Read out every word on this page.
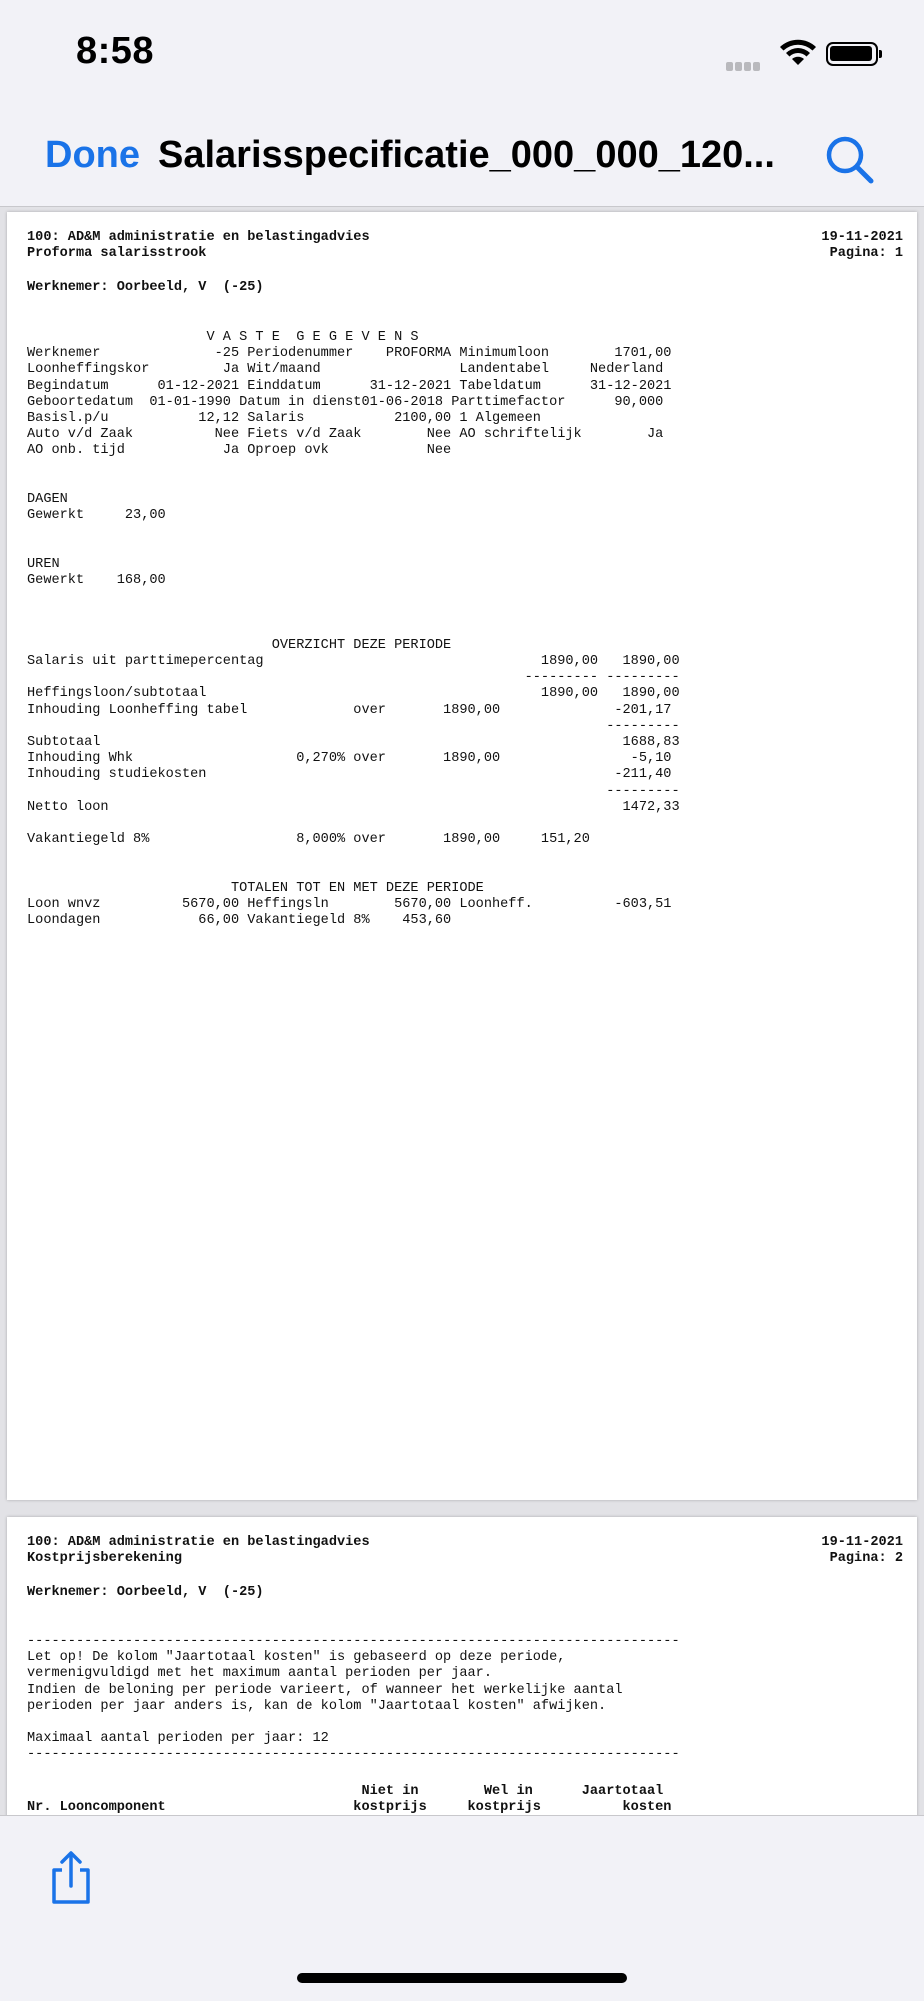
8:58
Done Salarisspecificatie_000_000_120...
100: AD&M administratie en belastingadvies
Proforma salarisstrook
19-11-2021
Pagina: 1
Werknemer: Oorbeeld, V  (-25)
V A S T E  G E G E V E N S
Werknemer              -25 Periodenummer    PROFORMA Minimumloon        1701,00
Loonheffingskor         Ja Wit/maand                 Landentabel     Nederland
Begindatum      01-12-2021 Einddatum      31-12-2021 Tabeldatum      31-12-2021
Geboortedatum  01-01-1990 Datum in dienst01-06-2018 Parttimefactor      90,000
Basisl.p/u           12,12 Salaris           2100,00 1 Algemeen
Auto v/d Zaak          Nee Fiets v/d Zaak        Nee AO schriftelijk        Ja
AO onb. tijd            Ja Oproep ovk            Nee

DAGEN
Gewerkt     23,00

UREN
Gewerkt    168,00

OVERZICHT DEZE PERIODE
Salaris uit parttimepercentag                                  1890,00   1890,00
--------- ---------
Heffingsloon/subtotaal                                         1890,00   1890,00
Inhouding Loonheffing tabel             over       1890,00              -201,17
---------
Subtotaal                                                                1688,83
Inhouding Whk                    0,270% over       1890,00                -5,10
Inhouding studiekosten                                                  -211,40
---------
Netto loon                                                               1472,33

Vakantiegeld 8%                  8,000% over       1890,00     151,20

TOTALEN TOT EN MET DEZE PERIODE
Loon wnvz          5670,00 Heffingsln        5670,00 Loonheff.          -603,51
Loondagen            66,00 Vakantiegeld 8%    453,60
100: AD&M administratie en belastingadvies
Kostprijsberekening
19-11-2021
Pagina: 2
Werknemer: Oorbeeld, V  (-25)
--------------------------------------------------------------------------------
Let op! De kolom "Jaartotaal kosten" is gebaseerd op deze periode,
vermenigvuldigd met het maximum aantal perioden per jaar.
Indien de beloning per periode varieert, of wanneer het werkelijke aantal
perioden per jaar anders is, kan de kolom "Jaartotaal kosten" afwijken.

Maximaal aantal perioden per jaar: 12
--------------------------------------------------------------------------------
Niet in        Wel in      Jaartotaal
Nr. Looncomponent                       kostprijs     kostprijs          kosten
